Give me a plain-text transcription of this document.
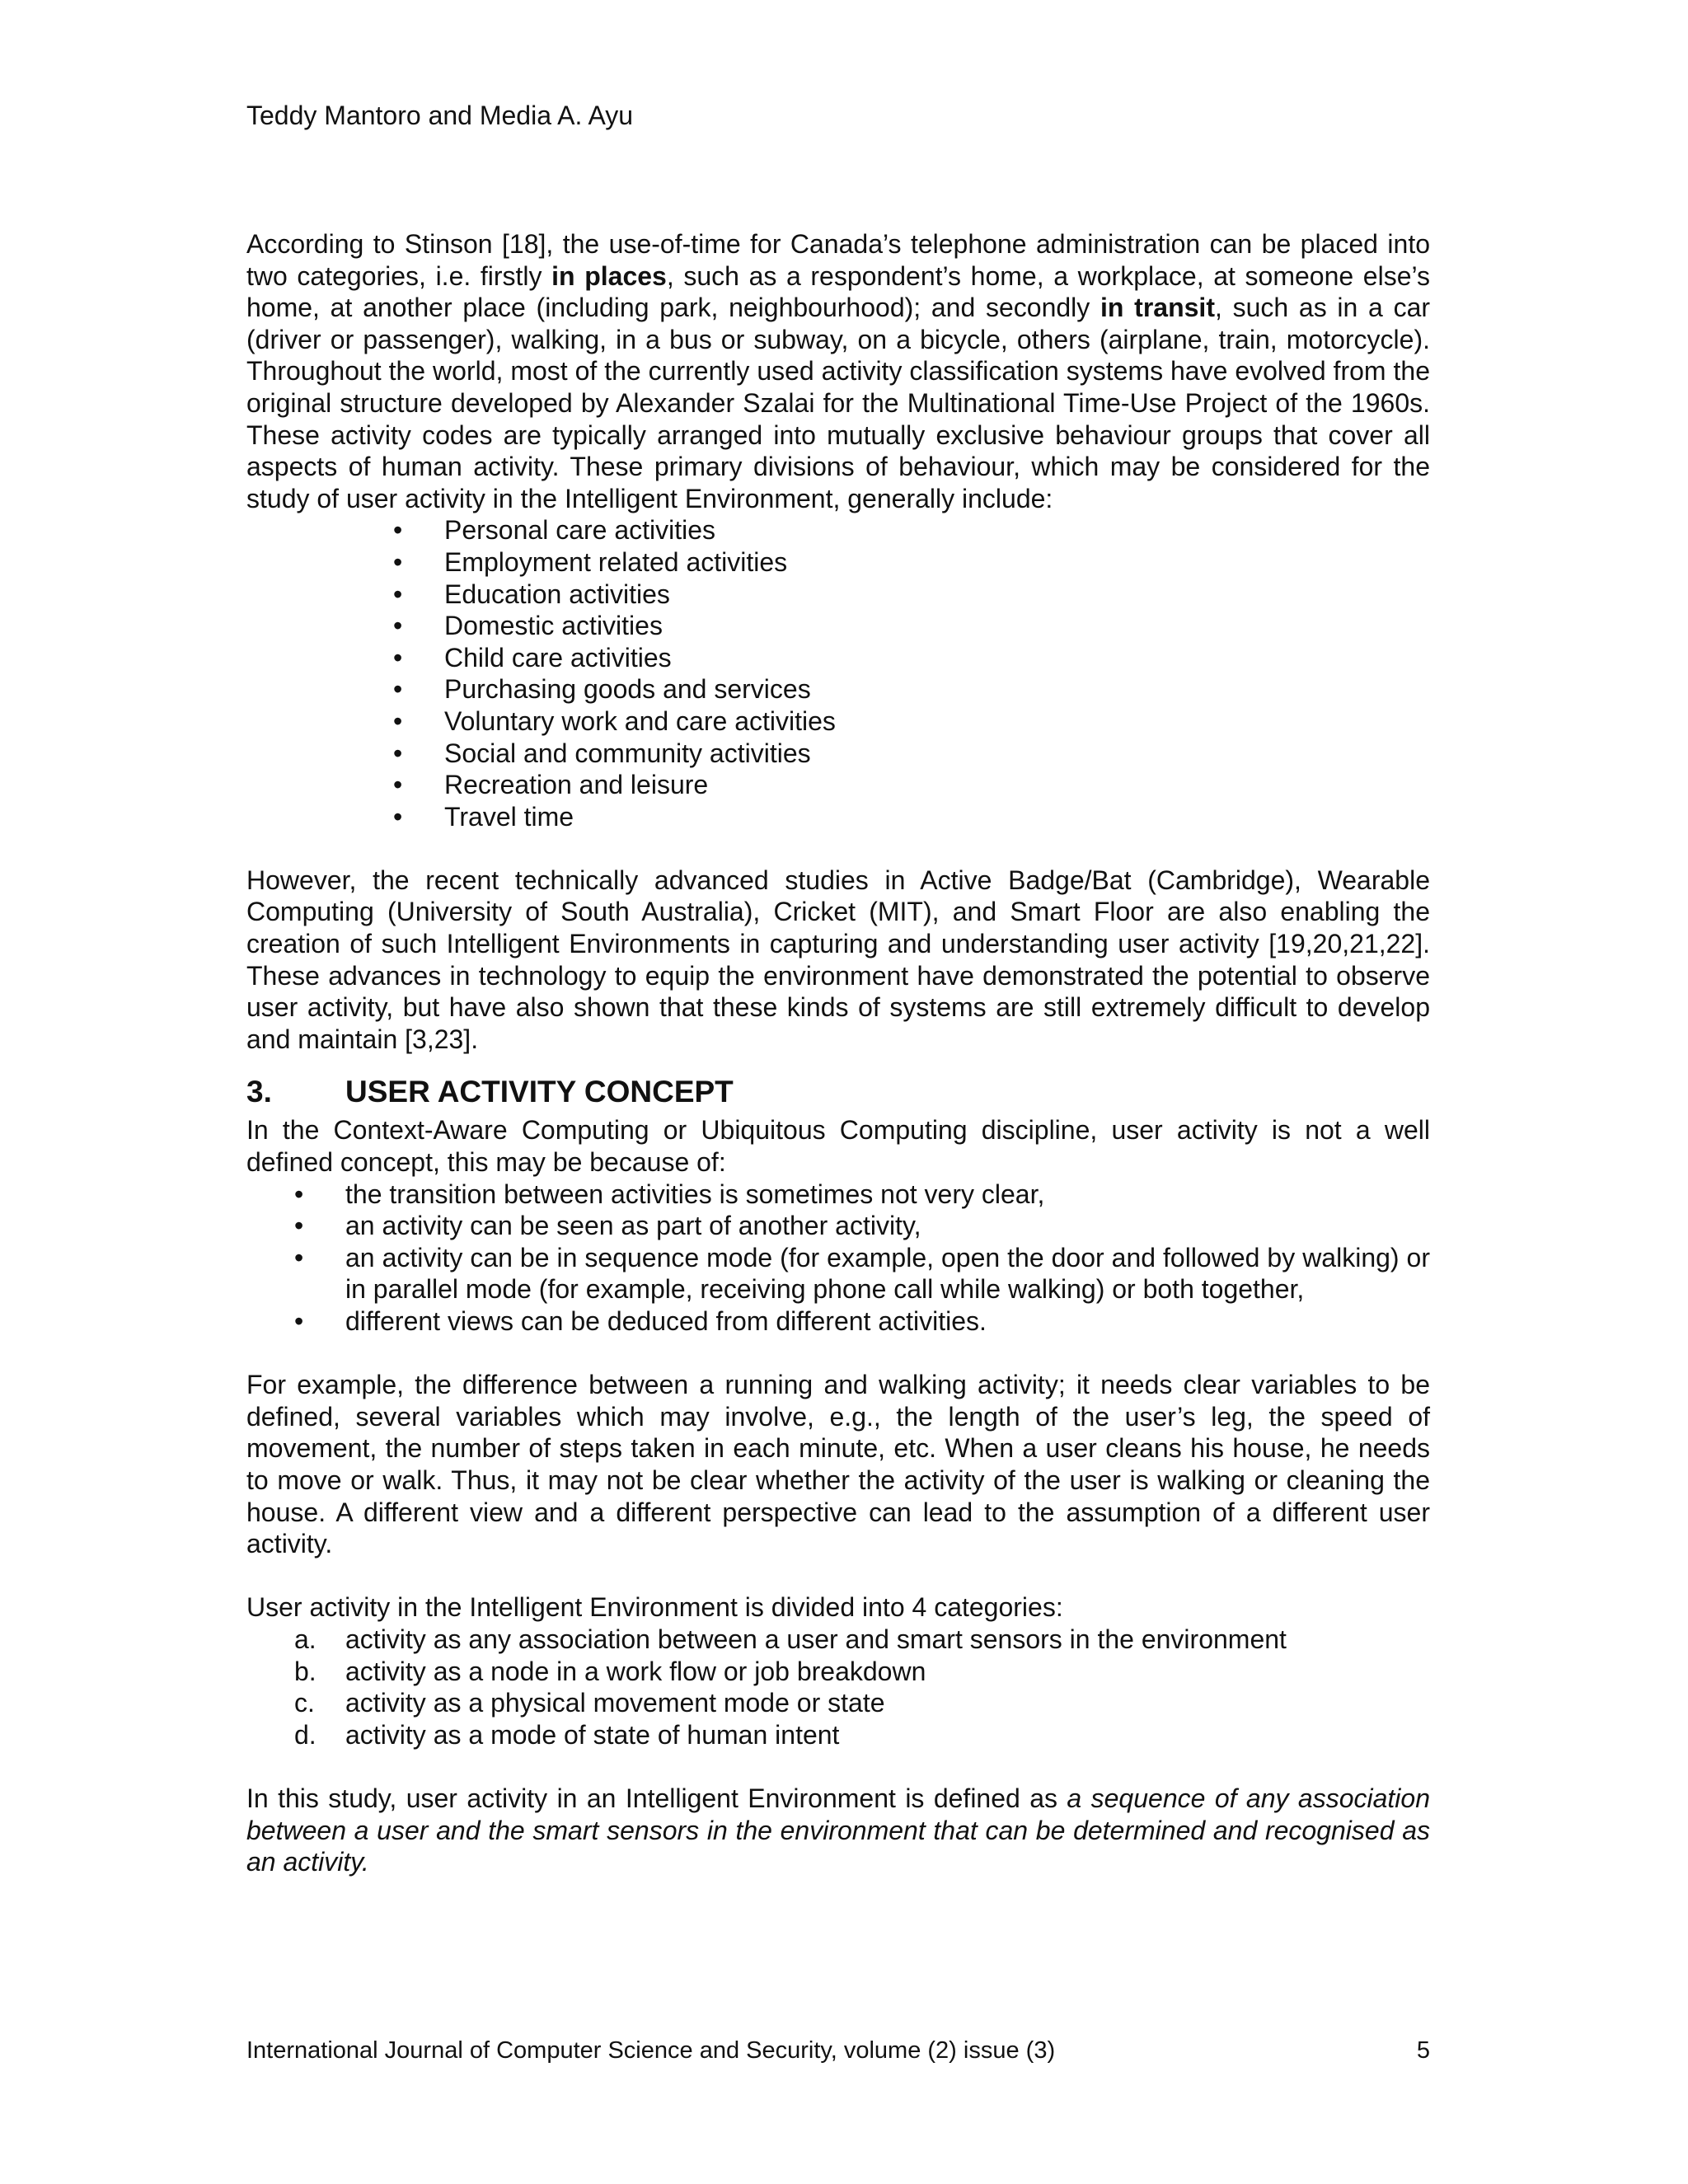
Teddy Mantoro and Media A. Ayu

According to Stinson [18], the use-of-time for Canada’s telephone administration can be placed into two categories, i.e. firstly in places, such as a respondent’s home, a workplace, at someone else’s home, at another place (including park, neighbourhood); and secondly in transit, such as in a car (driver or passenger), walking, in a bus or subway, on a bicycle, others (airplane, train, motorcycle). Throughout the world, most of the currently used activity classification systems have evolved from the original structure developed by Alexander Szalai for the Multinational Time-Use Project of the 1960s. These activity codes are typically arranged into mutually exclusive behaviour groups that cover all aspects of human activity. These primary divisions of behaviour, which may be considered for the study of user activity in the Intelligent Environment, generally include:

• Personal care activities
• Employment related activities
• Education activities
• Domestic activities
• Child care activities
• Purchasing goods and services
• Voluntary work and care activities
• Social and community activities
• Recreation and leisure
• Travel time

However, the recent technically advanced studies in Active Badge/Bat (Cambridge), Wearable Computing (University of South Australia), Cricket (MIT), and Smart Floor are also enabling the creation of such Intelligent Environments in capturing and understanding user activity [19,20,21,22]. These advances in technology to equip the environment have demonstrated the potential to observe user activity, but have also shown that these kinds of systems are still extremely difficult to develop and maintain [3,23].

3.	USER ACTIVITY CONCEPT

In the Context-Aware Computing or Ubiquitous Computing discipline, user activity is not a well defined concept, this may be because of:

• the transition between activities is sometimes not very clear,
• an activity can be seen as part of another activity,
• an activity can be in sequence mode (for example, open the door and followed by walking) or in parallel mode (for example, receiving phone call while walking) or both together,
• different views can be deduced from different activities.

For example, the difference between a running and walking activity; it needs clear variables to be defined, several variables which may involve, e.g., the length of the user’s leg, the speed of movement, the number of steps taken in each minute, etc. When a user cleans his house, he needs to move or walk. Thus, it may not be clear whether the activity of the user is walking or cleaning the house. A different view and a different perspective can lead to the assumption of a different user activity.

User activity in the Intelligent Environment is divided into 4 categories:

a. activity as any association between a user and smart sensors in the environment
b. activity as a node in a work flow or job breakdown
c. activity as a physical movement mode or state
d. activity as a mode of state of human intent

In this study, user activity in an Intelligent Environment is defined as a sequence of any association between a user and the smart sensors in the environment that can be determined and recognised as an activity.

International Journal of Computer Science and Security, volume (2) issue (3)	5
